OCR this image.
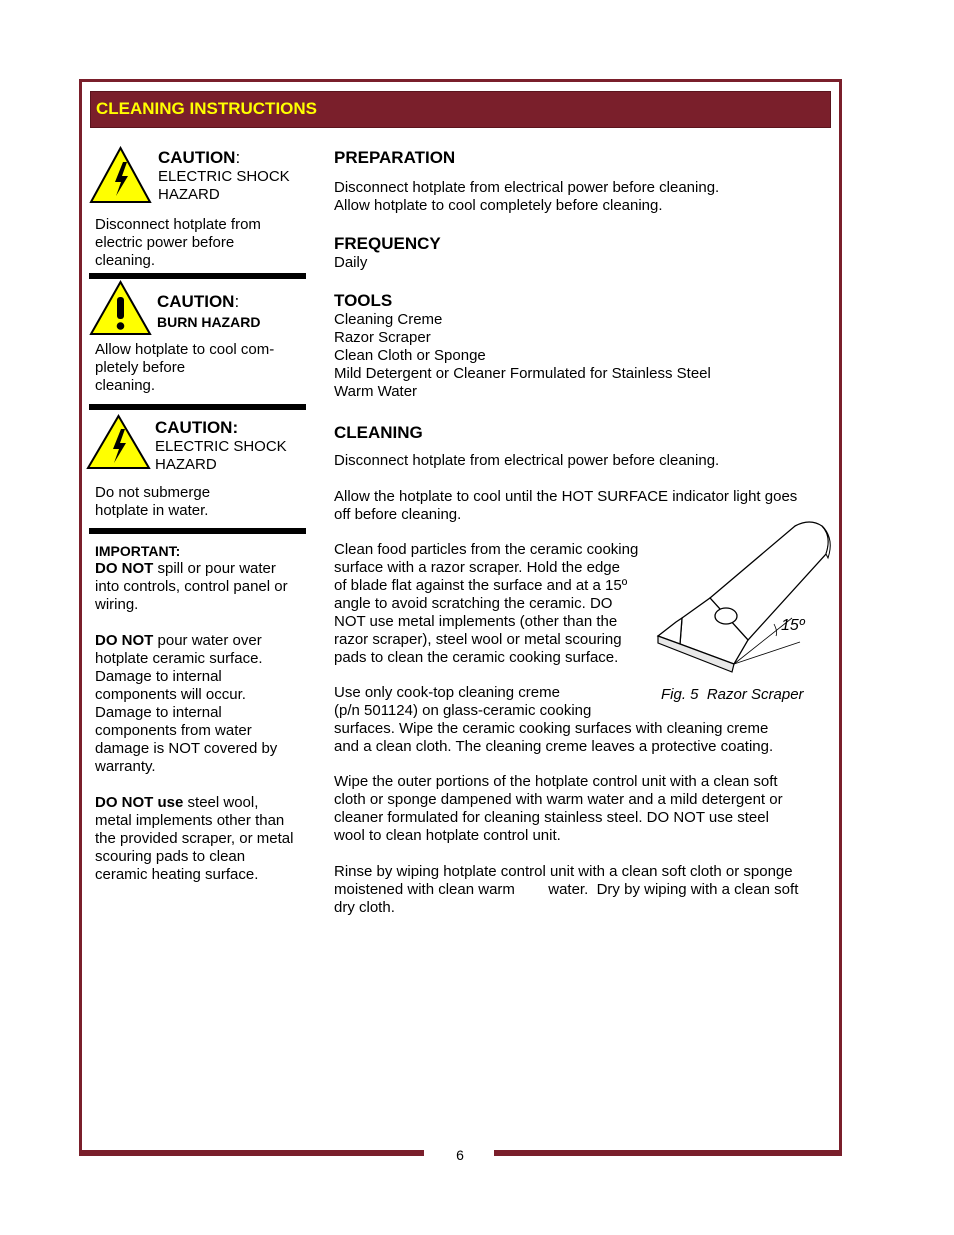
6
CLEANING INSTRUCTIONS
CAUTION:
ELECTRIC SHOCK
HAZARD
Disconnect hotplate from
electric power before
cleaning.
CAUTION:
BURN HAZARD
Allow hotplate to cool com-
pletely before
cleaning.
CAUTION:
ELECTRIC SHOCK
HAZARD
Do not submerge
hotplate in water.
IMPORTANT:
DO NOT spill or pour water
into controls, control panel or
wiring.
DO NOT pour water over
hotplate ceramic surface.
Damage to internal
components will occur.
Damage to internal
components from water
damage is NOT covered by
warranty.
DO NOT use steel wool,
metal implements other than
the provided scraper, or metal
scouring pads to clean
ceramic heating surface.
PREPARATION
Disconnect hotplate from electrical power before cleaning.
Allow hotplate to cool completely before cleaning.
FREQUENCY
Daily
TOOLS
Cleaning Creme
Razor Scraper
Clean Cloth or Sponge
Mild Detergent or Cleaner Formulated for Stainless Steel
Warm Water
CLEANING
Disconnect hotplate from electrical power before cleaning.
Allow the hotplate to cool until the HOT SURFACE indicator light goes
off before cleaning.
Clean food particles from the ceramic cooking
surface with a razor scraper. Hold the edge
of blade flat against the surface and at a 15º
angle to avoid scratching the ceramic. DO
NOT use metal implements (other than the
razor scraper), steel wool or metal scouring
pads to clean the ceramic cooking surface.
Use only cook-top cleaning creme
(p/n 501124) on glass-ceramic cooking
surfaces. Wipe the ceramic cooking surfaces with cleaning creme
and a clean cloth. The cleaning creme leaves a protective coating.
Wipe the outer portions of the hotplate control unit with a clean soft
cloth or sponge dampened with warm water and a mild detergent or
cleaner formulated for cleaning stainless steel. DO NOT use steel
wool to clean hotplate control unit.
Rinse by wiping hotplate control unit with a clean soft cloth or sponge
moistened with clean warm        water.  Dry by wiping with a clean soft
dry cloth.
15º
Fig. 5  Razor Scraper
